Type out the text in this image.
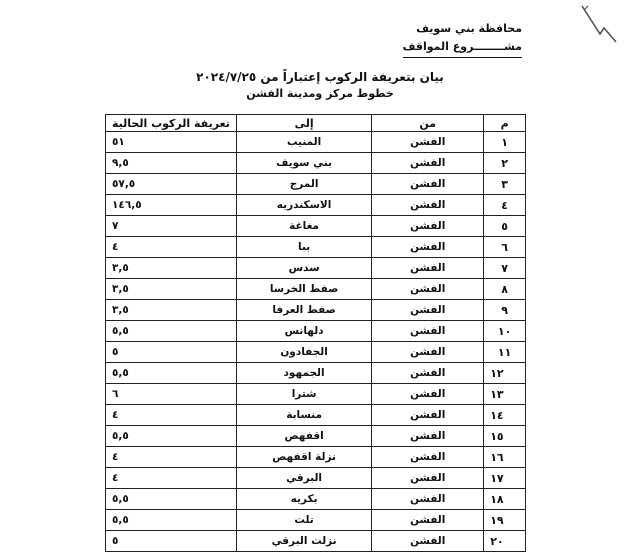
محافظة بني سويف
مشــــــــروع المواقف
بيان بتعريفة الركوب إعتباراً من ٢٠٢٤/٧/٢٥
خطوط مركز ومدينة الفشن
م	من	إلى	تعريفة الركوب الحالية
١	الفشن	المنيب	٥١
٢	الفشن	بني سويف	٩,٥
٣	الفشن	المرج	٥٧,٥
٤	الفشن	الاسكندريه	١٤٦,٥
٥	الفشن	مغاغة	٧
٦	الفشن	ببا	٤
٧	الفشن	سدس	٣,٥
٨	الفشن	صفط الخرسا	٣,٥
٩	الفشن	صفط العرفا	٣,٥
١٠	الفشن	دلهانس	٥,٥
١١	الفشن	الجفادون	٥
١٢	الفشن	الجمهود	٥,٥
١٣	الفشن	شترا	٦
١٤	الفشن	منسابة	٤
١٥	الفشن	اقفهص	٥,٥
١٦	الفشن	نزلة اقفهص	٤
١٧	الفشن	البرقي	٤
١٨	الفشن	بكريه	٥,٥
١٩	الفشن	تلت	٥,٥
٢٠	الفشن	نزلت البرقي	٥
